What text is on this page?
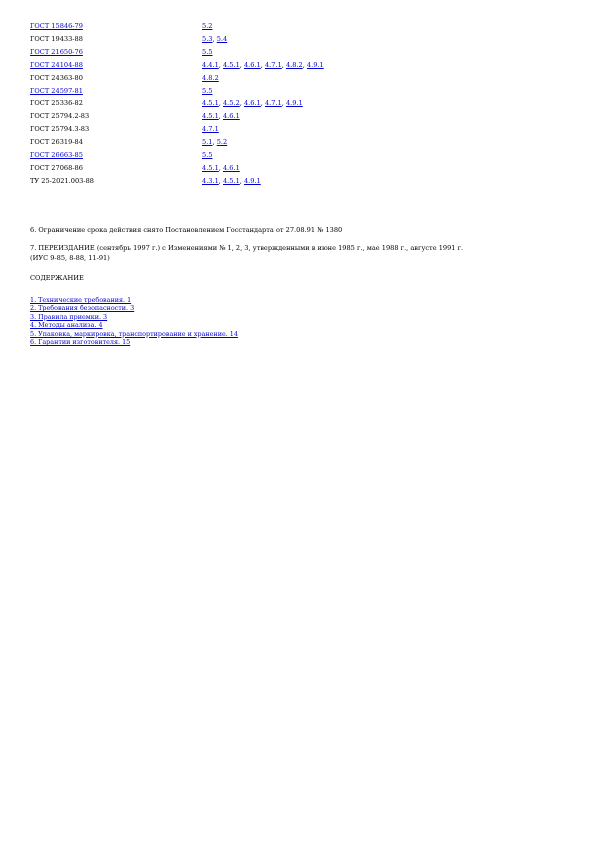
ГОСТ 15846-79	5.2
ГОСТ 19433-88	5.3, 5.4
ГОСТ 21650-76	5.5
ГОСТ 24104-88	4.4.1, 4.5.1, 4.6.1, 4.7.1, 4.8.2, 4.9.1
ГОСТ 24363-80	4.8.2
ГОСТ 24597-81	5.5
ГОСТ 25336-82	4.5.1, 4.5.2, 4.6.1, 4.7.1, 4.9.1
ГОСТ 25794.2-83	4.5.1, 4.6.1
ГОСТ 25794.3-83	4.7.1
ГОСТ 26319-84	5.1, 5.2
ГОСТ 26663-85	5.5
ГОСТ 27068-86	4.5.1, 4.6.1
ТУ 25-2021.003-88	4.3.1, 4.5.1, 4.9.1
6. Ограничение срока действия снято Постановлением Госстандарта от 27.08.91 № 1380
7. ПЕРЕИЗДАНИЕ (сентябрь 1997 г.) с Изменениями № 1, 2, 3, утвержденными в июне 1985 г., мае 1988 г., августе 1991 г.
(ИУС 9-85, 8-88, 11-91)
СОДЕРЖАНИЕ
1. Технические требования. 1
2. Требования безопасности. 3
3. Правила приемки. 3
4. Методы анализа. 4
5. Упаковка, маркировка, транспортирование и хранение. 14
6. Гарантии изготовителя. 15
